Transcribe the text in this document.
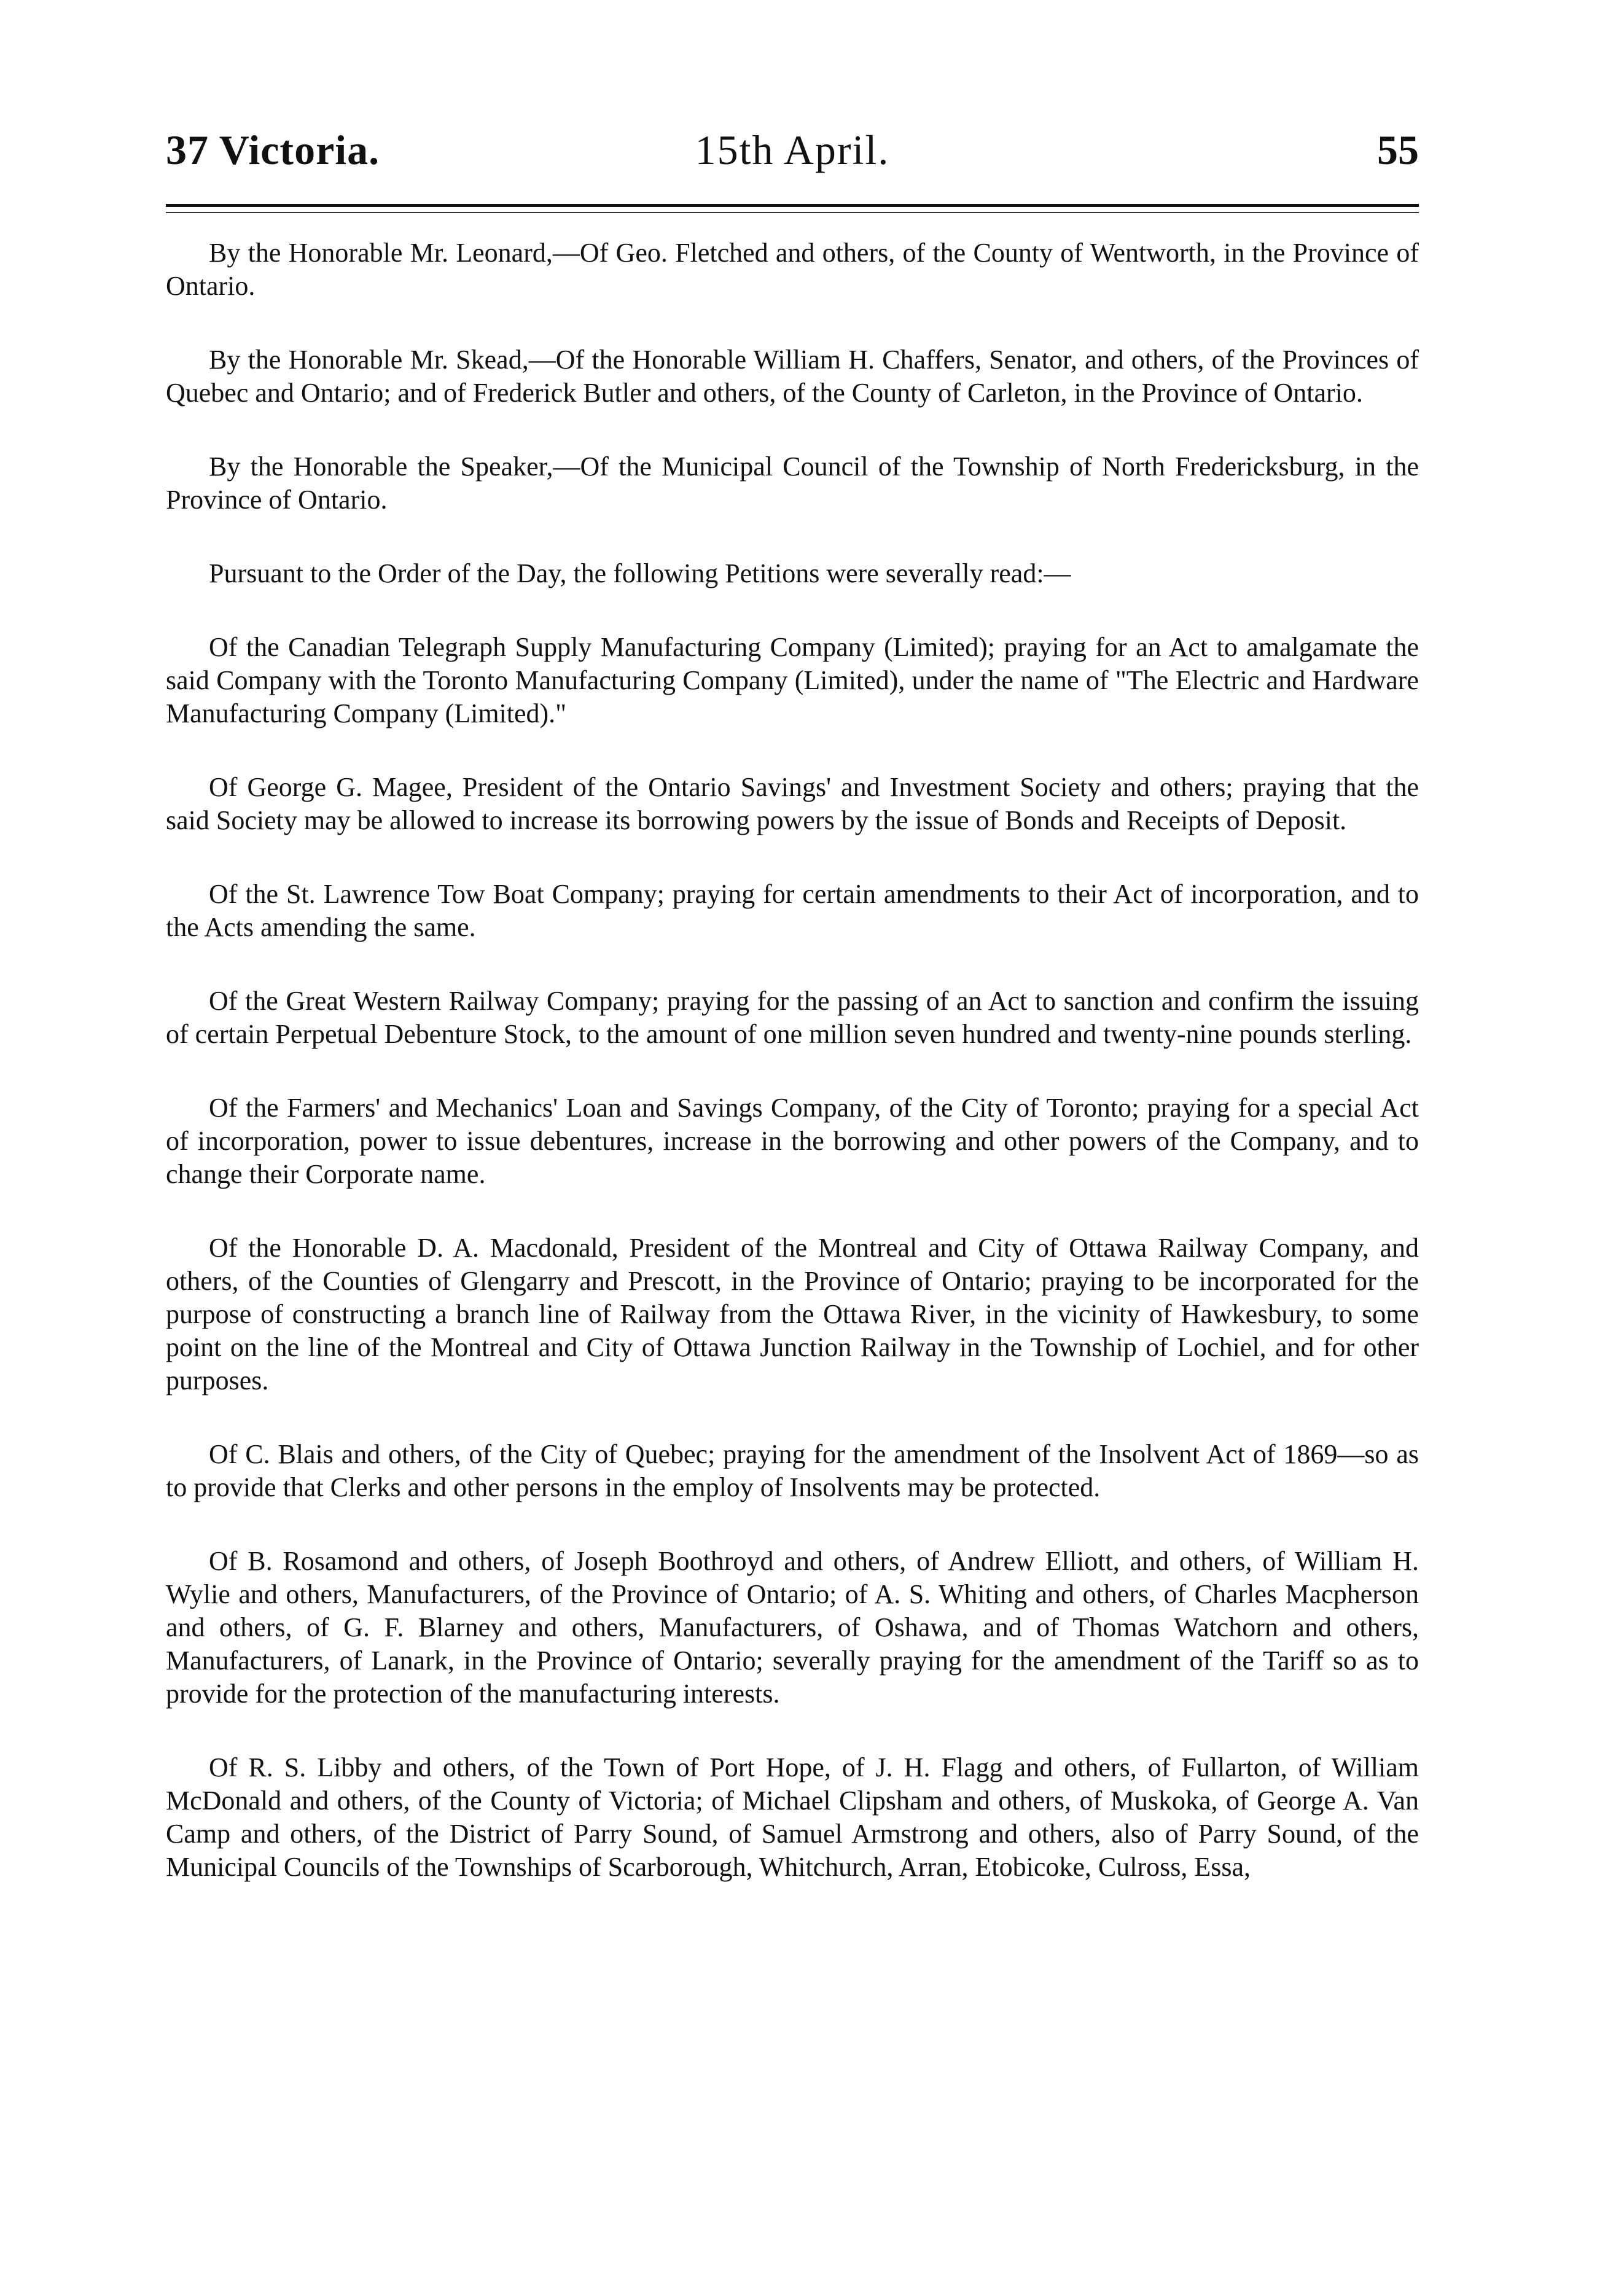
37 Victoria.	15th April.	55

By the Honorable Mr. Leonard,—Of Geo. Fletched and others, of the County of Wentworth, in the Province of Ontario.

By the Honorable Mr. Skead,—Of the Honorable William H. Chaffers, Senator, and others, of the Provinces of Quebec and Ontario; and of Frederick Butler and others, of the County of Carleton, in the Province of Ontario.

By the Honorable the Speaker,—Of the Municipal Council of the Township of North Fredericksburg, in the Province of Ontario.

Pursuant to the Order of the Day, the following Petitions were severally read:—

Of the Canadian Telegraph Supply Manufacturing Company (Limited); praying for an Act to amalgamate the said Company with the Toronto Manufacturing Company (Limited), under the name of "The Electric and Hardware Manufacturing Company (Limited)."

Of George G. Magee, President of the Ontario Savings' and Investment Society and others; praying that the said Society may be allowed to increase its borrowing powers by the issue of Bonds and Receipts of Deposit.

Of the St. Lawrence Tow Boat Company; praying for certain amendments to their Act of incorporation, and to the Acts amending the same.

Of the Great Western Railway Company; praying for the passing of an Act to sanction and confirm the issuing of certain Perpetual Debenture Stock, to the amount of one million seven hundred and twenty-nine pounds sterling.

Of the Farmers' and Mechanics' Loan and Savings Company, of the City of Toronto; praying for a special Act of incorporation, power to issue debentures, increase in the borrowing and other powers of the Company, and to change their Corporate name.

Of the Honorable D. A. Macdonald, President of the Montreal and City of Ottawa Railway Company, and others, of the Counties of Glengarry and Prescott, in the Province of Ontario; praying to be incorporated for the purpose of constructing a branch line of Railway from the Ottawa River, in the vicinity of Hawkesbury, to some point on the line of the Montreal and City of Ottawa Junction Railway in the Township of Lochiel, and for other purposes.

Of C. Blais and others, of the City of Quebec; praying for the amendment of the Insolvent Act of 1869—so as to provide that Clerks and other persons in the employ of Insolvents may be protected.

Of B. Rosamond and others, of Joseph Boothroyd and others, of Andrew Elliott, and others, of William H. Wylie and others, Manufacturers, of the Province of Ontario; of A. S. Whiting and others, of Charles Macpherson and others, of G. F. Blarney and others, Manufacturers, of Oshawa, and of Thomas Watchorn and others, Manufacturers, of Lanark, in the Province of Ontario; severally praying for the amendment of the Tariff so as to provide for the protection of the manufacturing interests.

Of R. S. Libby and others, of the Town of Port Hope, of J. H. Flagg and others, of Fullarton, of William McDonald and others, of the County of Victoria; of Michael Clipsham and others, of Muskoka, of George A. Van Camp and others, of the District of Parry Sound, of Samuel Armstrong and others, also of Parry Sound, of the Municipal Councils of the Townships of Scarborough, Whitchurch, Arran, Etobicoke, Culross, Essa,
